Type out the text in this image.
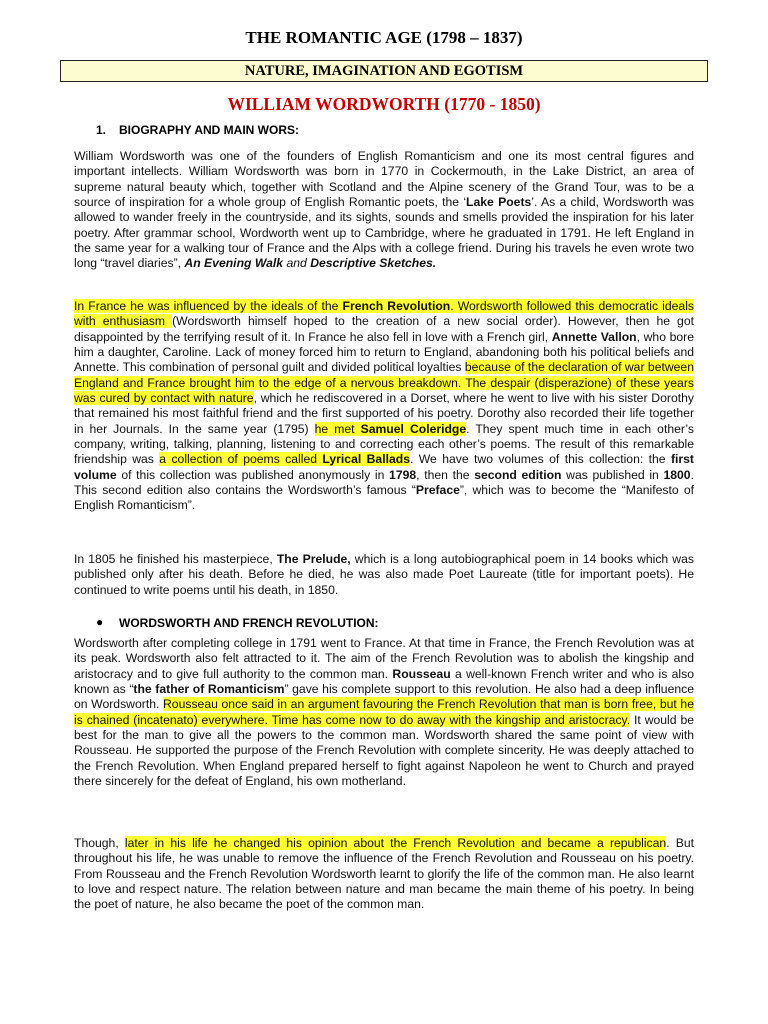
THE ROMANTIC AGE (1798 – 1837)
NATURE, IMAGINATION AND EGOTISM
WILLIAM WORDWORTH (1770 - 1850)
1. BIOGRAPHY AND MAIN WORS:

William Wordsworth was one of the founders of English Romanticism and one its most central figures and important intellects. William Wordsworth was born in 1770 in Cockermouth, in the Lake District, an area of supreme natural beauty which, together with Scotland and the Alpine scenery of the Grand Tour, was to be a source of inspiration for a whole group of English Romantic poets, the ‘Lake Poets’. As a child, Wordsworth was allowed to wander freely in the countryside, and its sights, sounds and smells provided the inspiration for his later poetry. After grammar school, Wordworth went up to Cambridge, where he graduated in 1791. He left England in the same year for a walking tour of France and the Alps with a college friend. During his travels he even wrote two long “travel diaries”, An Evening Walk and Descriptive Sketches.

In France he was influenced by the ideals of the French Revolution. Wordsworth followed this democratic ideals with enthusiasm (Wordsworth himself hoped to the creation of a new social order). However, then he got disappointed by the terrifying result of it. In France he also fell in love with a French girl, Annette Vallon, who bore him a daughter, Caroline. Lack of money forced him to return to England, abandoning both his political beliefs and Annette. This combination of personal guilt and divided political loyalties because of the declaration of war between England and France brought him to the edge of a nervous breakdown. The despair (disperazione) of these years was cured by contact with nature, which he rediscovered in a Dorset, where he went to live with his sister Dorothy that remained his most faithful friend and the first supported of his poetry. Dorothy also recorded their life together in her Journals. In the same year (1795) he met Samuel Coleridge. They spent much time in each other’s company, writing, talking, planning, listening to and correcting each other’s poems. The result of this remarkable friendship was a collection of poems called Lyrical Ballads. We have two volumes of this collection: the first volume of this collection was published anonymously in 1798, then the second edition was published in 1800. This second edition also contains the Wordsworth’s famous “Preface”, which was to become the “Manifesto of English Romanticism”.

In 1805 he finished his masterpiece, The Prelude, which is a long autobiographical poem in 14 books which was published only after his death. Before he died, he was also made Poet Laureate (title for important poets). He continued to write poems until his death, in 1850.

● WORDSWORTH AND FRENCH REVOLUTION:

Wordsworth after completing college in 1791 went to France. At that time in France, the French Revolution was at its peak. Wordsworth also felt attracted to it. The aim of the French Revolution was to abolish the kingship and aristocracy and to give full authority to the common man. Rousseau a well-known French writer and who is also known as “the father of Romanticism” gave his complete support to this revolution. He also had a deep influence on Wordsworth. Rousseau once said in an argument favouring the French Revolution that man is born free, but he is chained (incatenato) everywhere. Time has come now to do away with the kingship and aristocracy. It would be best for the man to give all the powers to the common man. Wordsworth shared the same point of view with Rousseau. He supported the purpose of the French Revolution with complete sincerity. He was deeply attached to the French Revolution. When England prepared herself to fight against Napoleon he went to Church and prayed there sincerely for the defeat of England, his own motherland.

Though, later in his life he changed his opinion about the French Revolution and became a republican. But throughout his life, he was unable to remove the influence of the French Revolution and Rousseau on his poetry. From Rousseau and the French Revolution Wordsworth learnt to glorify the life of the common man. He also learnt to love and respect nature. The relation between nature and man became the main theme of his poetry. In being the poet of nature, he also became the poet of the common man.
